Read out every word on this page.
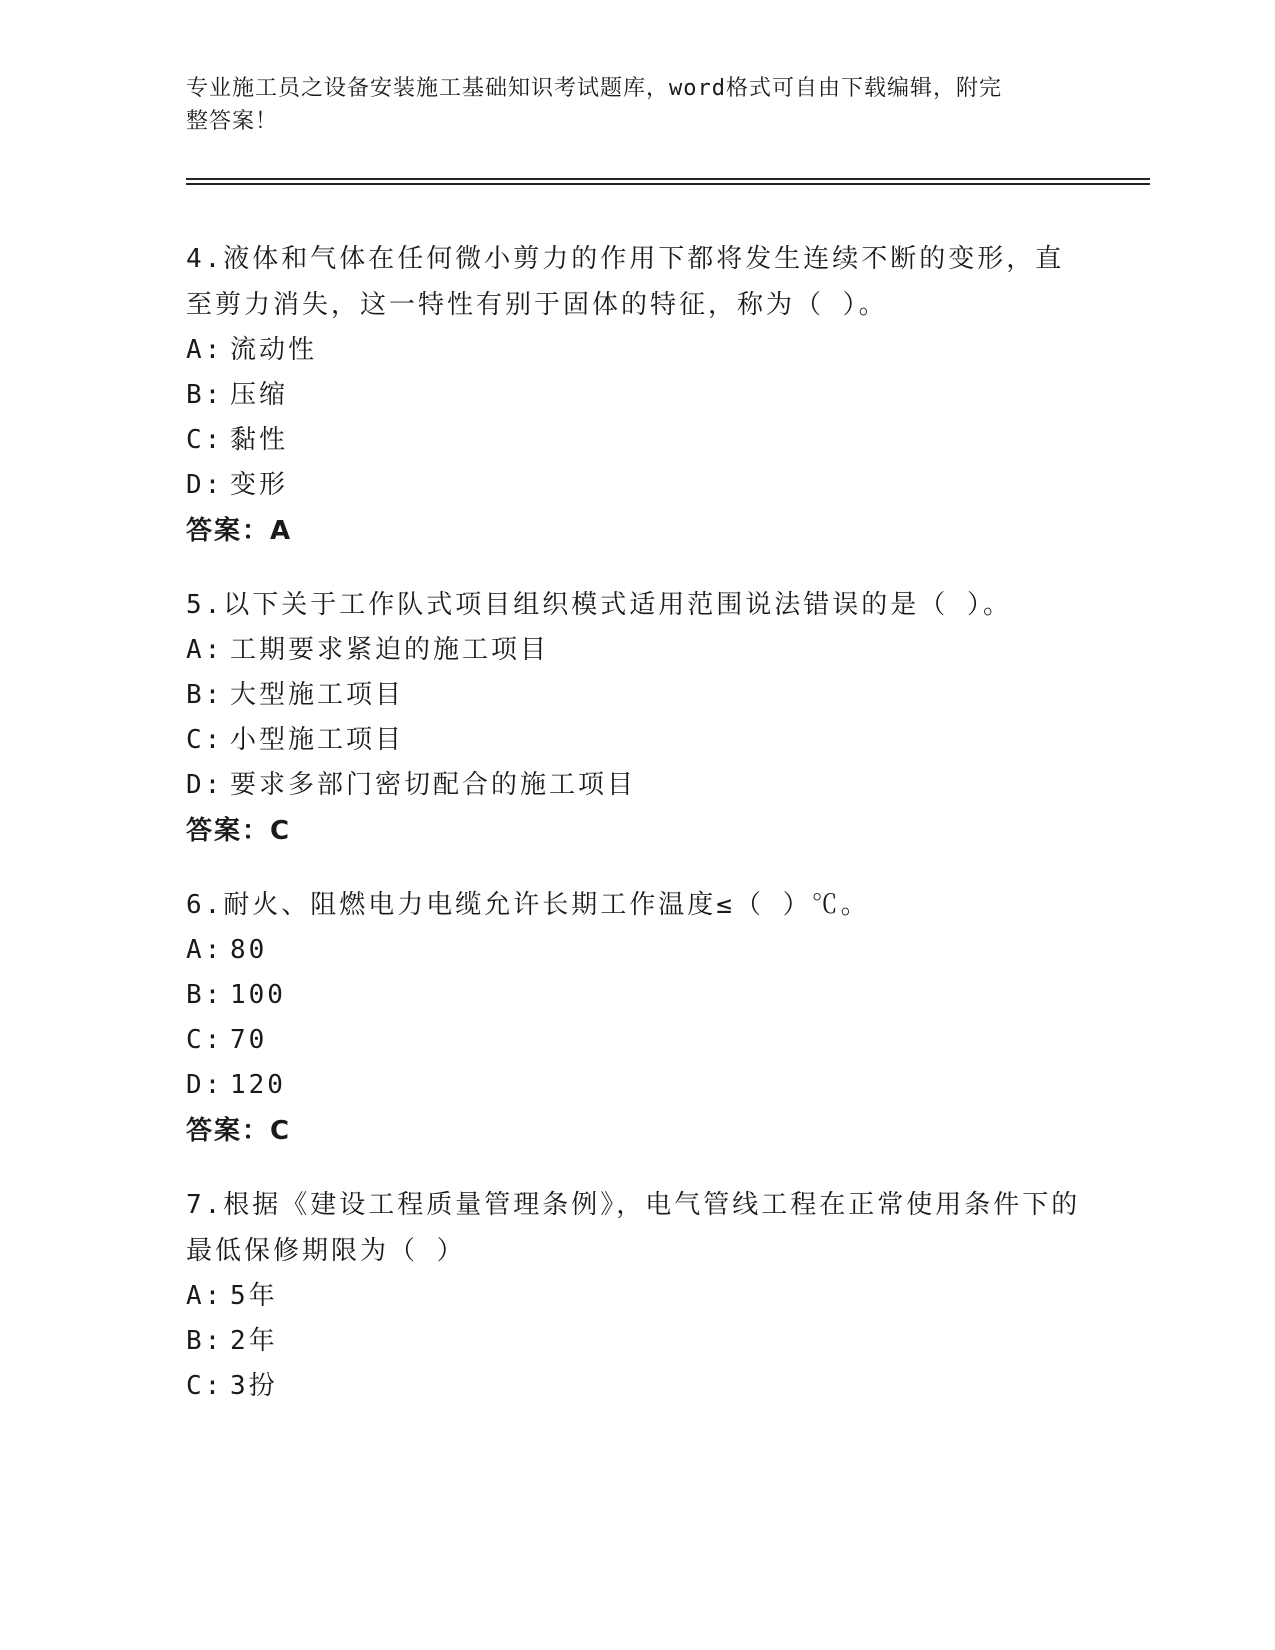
专业施工员之设备安装施工基础知识考试题库，word格式可自由下载编辑，附完
整答案！
4.液体和气体在任何微小剪力的作用下都将发生连续不断的变形，直至剪力消失，这一特性有别于固体的特征，称为（ ）。
A: 流动性
B: 压缩
C: 黏性
D: 变形
答案：A
5.以下关于工作队式项目组织模式适用范围说法错误的是（ ）。
A: 工期要求紧迫的施工项目
B: 大型施工项目
C: 小型施工项目
D: 要求多部门密切配合的施工项目
答案：C
6.耐火、阻燃电力电缆允许长期工作温度≤（ ）℃。
A: 80
B: 100
C: 70
D: 120
答案：C
7.根据《建设工程质量管理条例》，电气管线工程在正常使用条件下的最低保修期限为（ ）
A: 5年
B: 2年
C: 3扮
